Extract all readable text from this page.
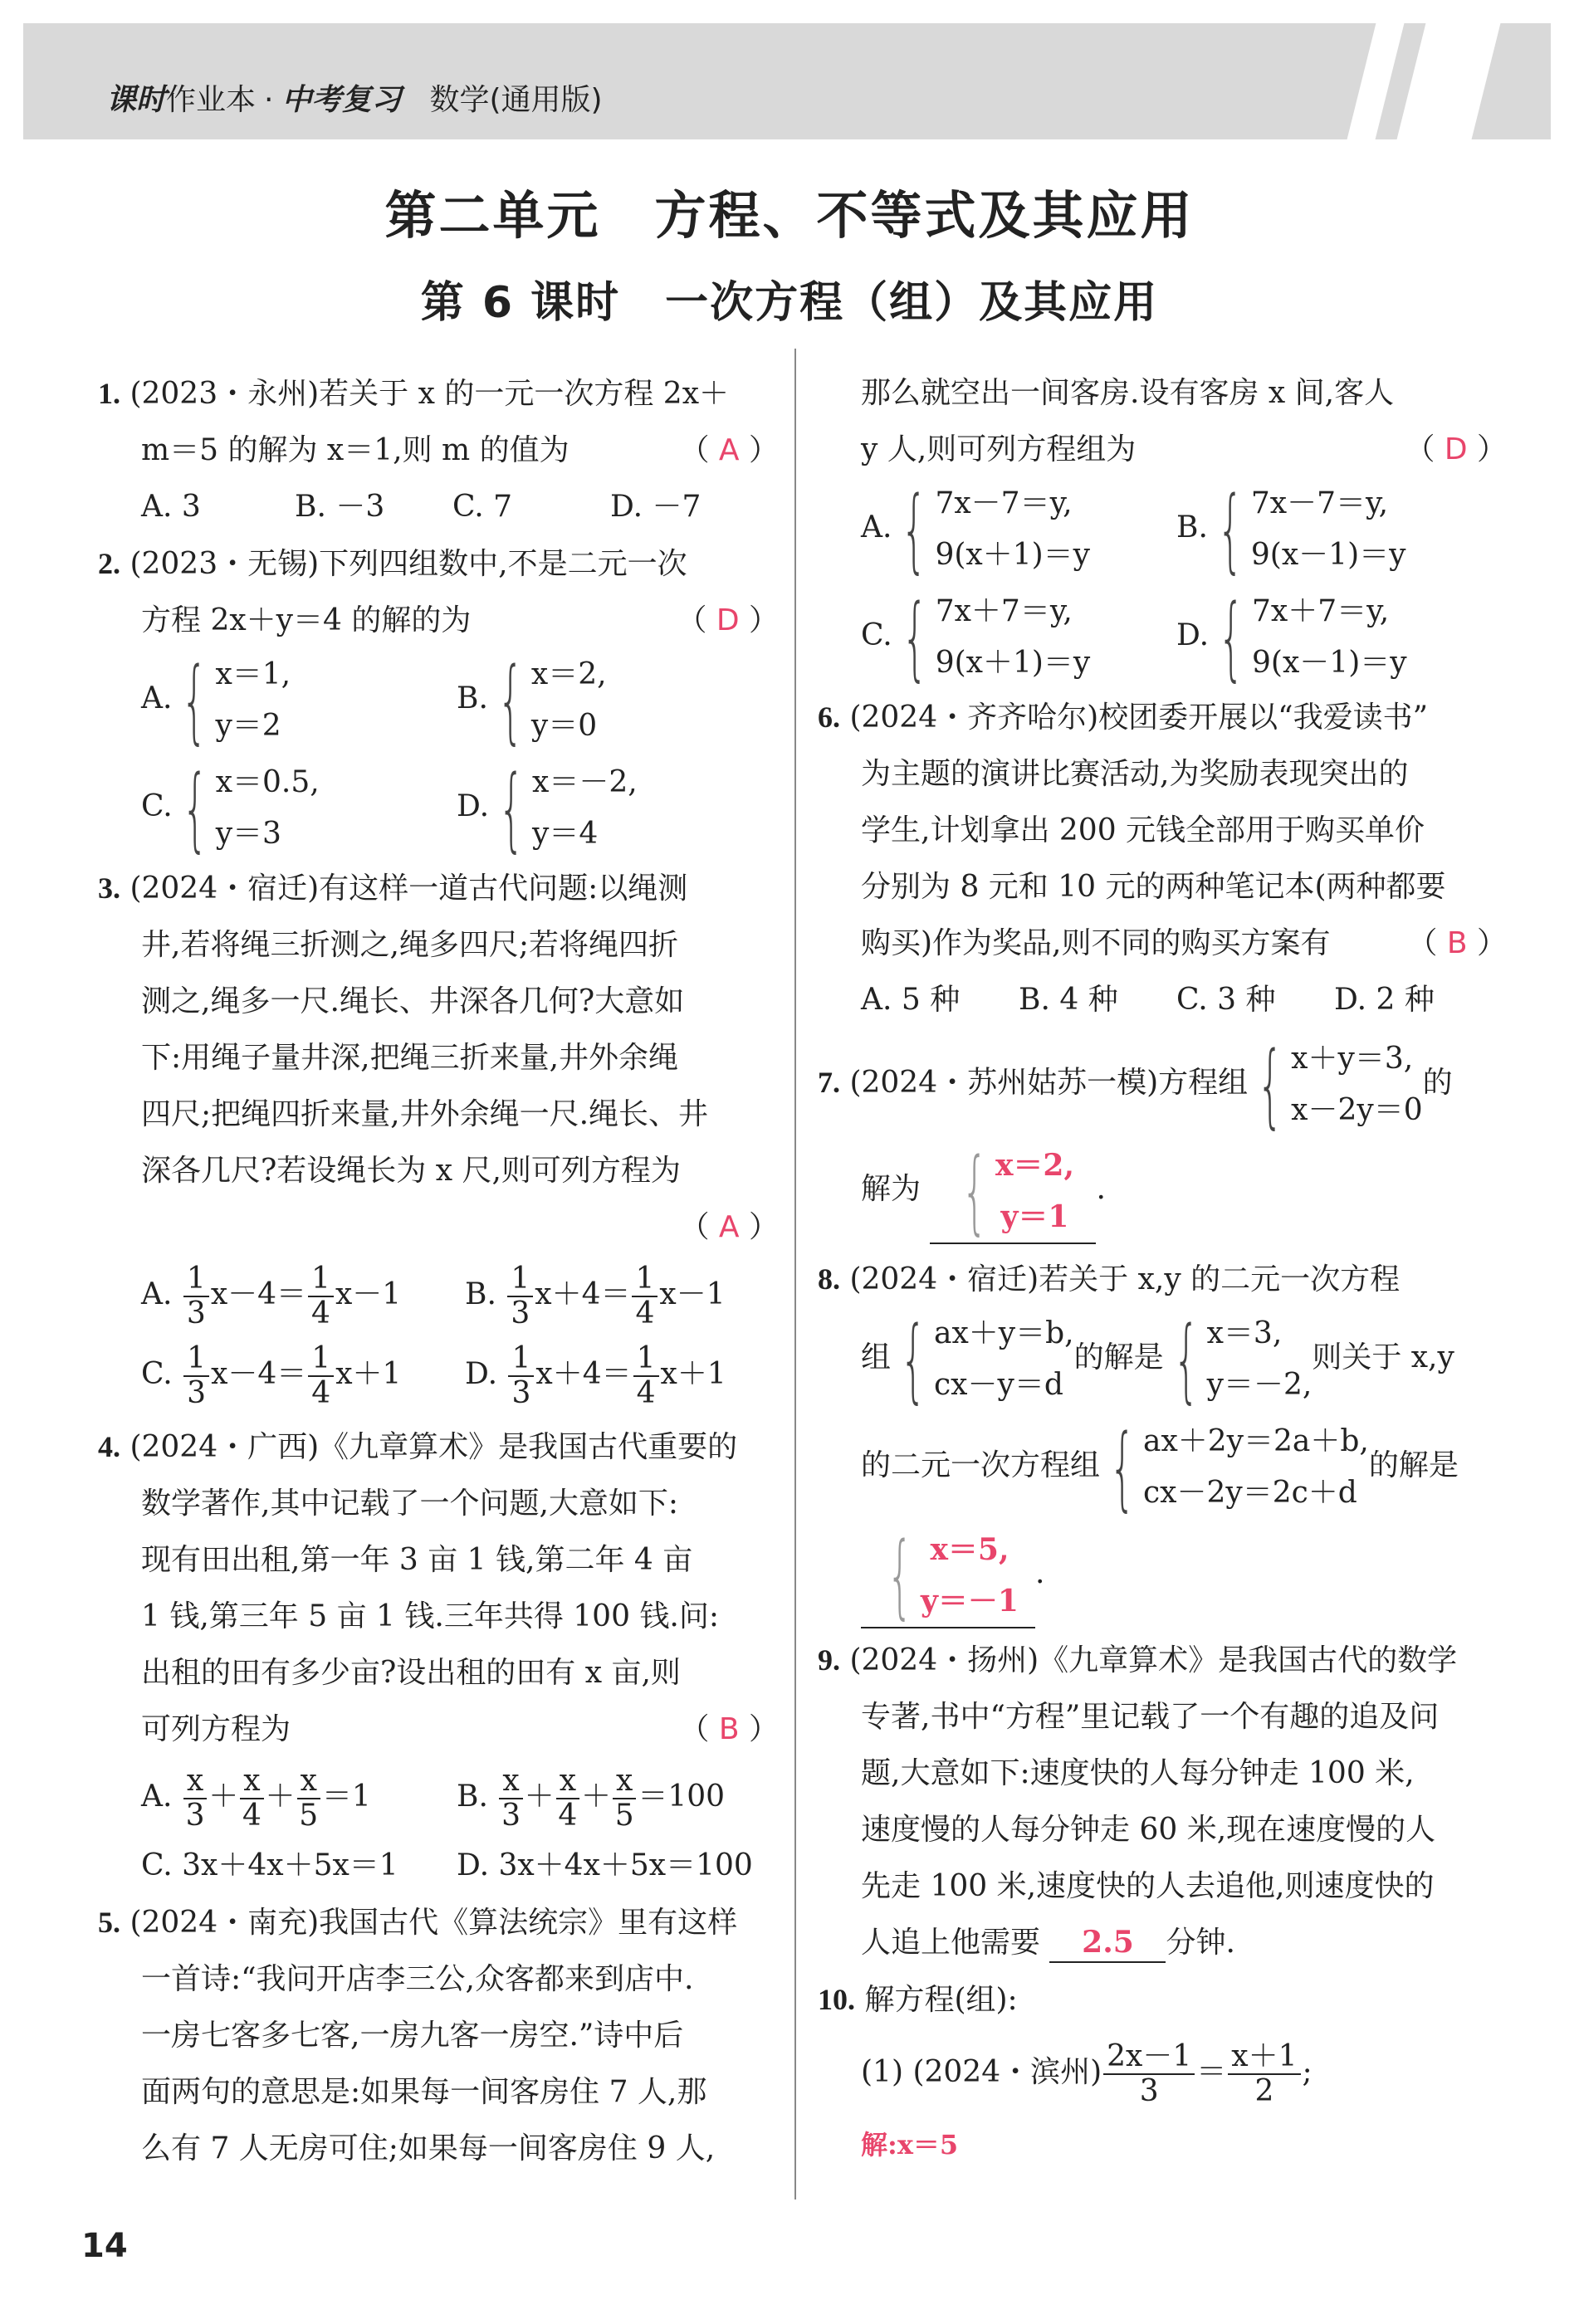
课时作业本 · 中考复习 数学(通用版)
第二单元　方程、不等式及其应用
第 6 课时　一次方程（组）及其应用
1. (2023・永州)若关于 x 的一元一次方程 2x＋
m＝5 的解为 x＝1,则 m 的值为	（ A ）
A. 3	B. －3	C. 7	D. －7
2. (2023・无锡)下列四组数中,不是二元一次
方程 2x＋y＝4 的解的为	（ D ）
A. { x＝1,
y＝2
B. { x＝2,
y＝0
C. { x＝0.5,
y＝3
D. { x＝－2,
y＝4
3. (2024・宿迁)有这样一道古代问题:以绳测
井,若将绳三折测之,绳多四尺;若将绳四折
测之,绳多一尺.绳长、井深各几何?大意如
下:用绳子量井深,把绳三折来量,井外余绳
四尺;把绳四折来量,井外余绳一尺.绳长、井
深各几尺?若设绳长为 x 尺,则可列方程为
（ A ）
A. $\frac{1}{3} x-4= \frac{1}{4} x-1$	B. $\frac{1}{3} x+4= \frac{1}{4} x-1$
C. $\frac{1}{3} x-4= \frac{1}{4} x+1$	D. $\frac{1}{3} x+4= \frac{1}{4} x+1$
4. (2024・广西)《九章算术》是我国古代重要的
数学著作,其中记载了一个问题,大意如下:
现有田出租,第一年 3 亩 1 钱,第二年 4 亩
1 钱,第三年 5 亩 1 钱.三年共得 100 钱.问:
出租的田有多少亩?设出租的田有 x 亩,则
可列方程为	（ B ）
A. $\frac{x}{3} + \frac{x}{4} + \frac{x}{5} =1$	B. $\frac{x}{3} + \frac{x}{4} + \frac{x}{5} =100$
C. 3x＋4x＋5x＝1	D. 3x＋4x＋5x＝100
5. (2024・南充)我国古代《算法统宗》里有这样
一首诗:“我问开店李三公,众客都来到店中.
一房七客多七客,一房九客一房空.”诗中后
面两句的意思是:如果每一间客房住 7 人,那
么有 7 人无房可住;如果每一间客房住 9 人,
那么就空出一间客房.设有客房 x 间,客人
y 人,则可列方程组为	（ D ）
A. { 7x－7＝y,
9(x＋1)＝y
B. { 7x－7＝y,
9(x－1)＝y
C. { 7x＋7＝y,
9(x＋1)＝y
D. { 7x＋7＝y,
9(x－1)＝y
6. (2024・齐齐哈尔)校团委开展以“我爱读书”
为主题的演讲比赛活动,为奖励表现突出的
学生,计划拿出 200 元钱全部用于购买单价
分别为 8 元和 10 元的两种笔记本(两种都要
购买)作为奖品,则不同的购买方案有	（ B ）
A. 5 种	B. 4 种	C. 3 种	D. 2 种
7. (2024・苏州姑苏一模)方程组 { x＋y＝3,
x－2y＝0
的
解为 { x＝2,
y＝1
.
8. (2024・宿迁)若关于 x,y 的二元一次方程
组 { ax＋y＝b,
cx－y＝d
的解是 { x＝3,
y＝－2,
则关于 x,y
的二元一次方程组 { ax＋2y＝2a＋b,
cx－2y＝2c＋d
的解是
{ x＝5,
y＝－1
.
9. (2024・扬州)《九章算术》是我国古代的数学
专著,书中“方程”里记载了一个有趣的追及问
题,大意如下:速度快的人每分钟走 100 米,
速度慢的人每分钟走 60 米,现在速度慢的人
先走 100 米,速度快的人去追他,则速度快的
人追上他需要 2.5 分钟.
10. 解方程(组):
(1) (2024・滨州) $\frac{2x-1}{3} = \frac{x+1}{2}$ ;
解:x＝5
14
